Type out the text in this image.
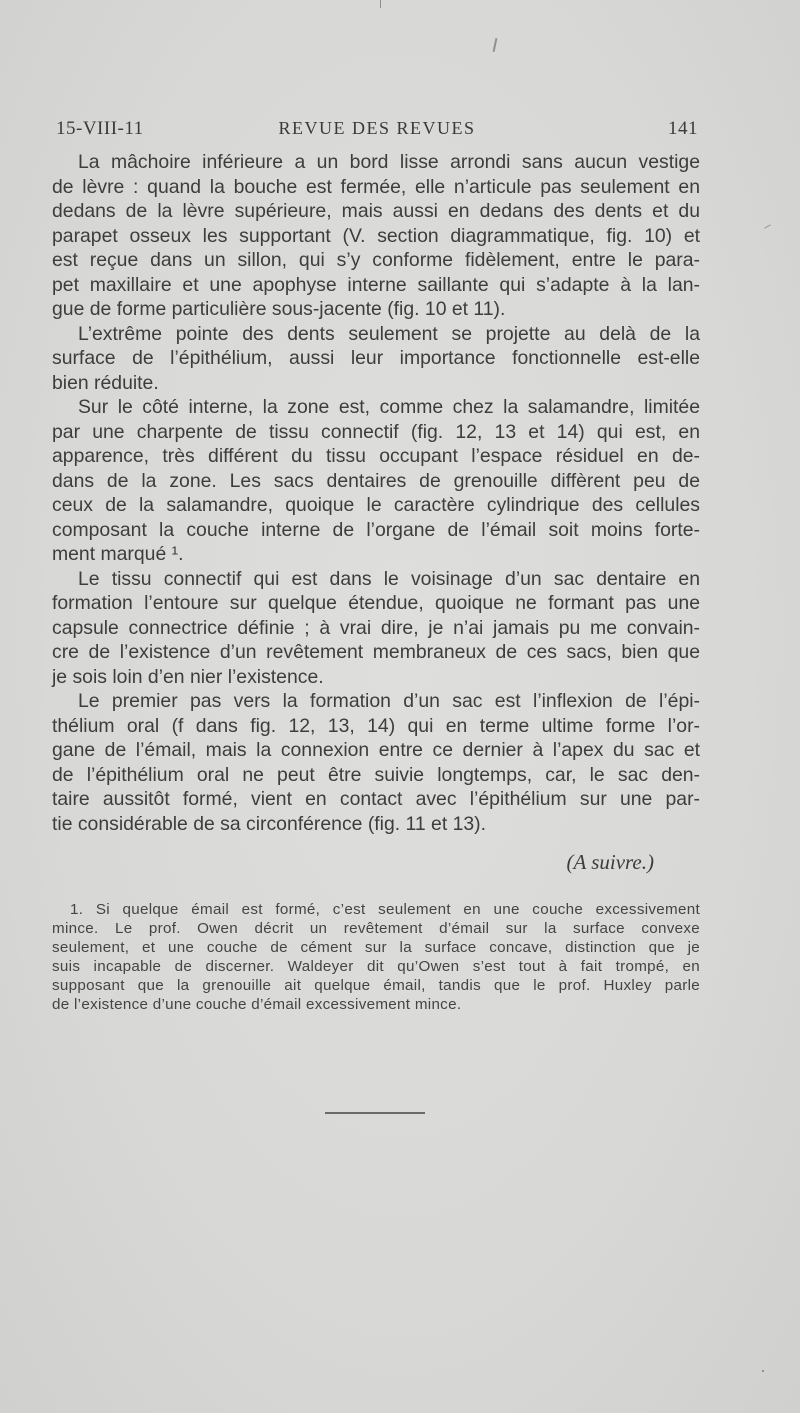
15-VIII-11	REVUE DES REVUES	141
La mâchoire inférieure a un bord lisse arrondi sans aucun vestige
de lèvre : quand la bouche est fermée, elle n’articule pas seulement en
dedans de la lèvre supérieure, mais aussi en dedans des dents et du
parapet osseux les supportant (V. section diagrammatique, fig. 10) et
est reçue dans un sillon, qui s’y conforme fidèlement, entre le para-
pet maxillaire et une apophyse interne saillante qui s’adapte à la lan-
gue de forme particulière sous-jacente (fig. 10 et 11).
L’extrême pointe des dents seulement se projette au delà de la
surface de l’épithélium, aussi leur importance fonctionnelle est-elle
bien réduite.
Sur le côté interne, la zone est, comme chez la salamandre, limitée
par une charpente de tissu connectif (fig. 12, 13 et 14) qui est, en
apparence, très différent du tissu occupant l’espace résiduel en de-
dans de la zone. Les sacs dentaires de grenouille diffèrent peu de
ceux de la salamandre, quoique le caractère cylindrique des cellules
composant la couche interne de l’organe de l’émail soit moins forte-
ment marqué ¹.
Le tissu connectif qui est dans le voisinage d’un sac dentaire en
formation l’entoure sur quelque étendue, quoique ne formant pas une
capsule connectrice définie ; à vrai dire, je n’ai jamais pu me convain-
cre de l’existence d’un revêtement membraneux de ces sacs, bien que
je sois loin d’en nier l’existence.
Le premier pas vers la formation d’un sac est l’inflexion de l’épi-
thélium oral (f dans fig. 12, 13, 14) qui en terme ultime forme l’or-
gane de l’émail, mais la connexion entre ce dernier à l’apex du sac et
de l’épithélium oral ne peut être suivie longtemps, car, le sac den-
taire aussitôt formé, vient en contact avec l’épithélium sur une par-
tie considérable de sa circonférence (fig. 11 et 13).
(A suivre.)
1. Si quelque émail est formé, c’est seulement en une couche excessivement
mince. Le prof. Owen décrit un revêtement d’émail sur la surface convexe
seulement, et une couche de cément sur la surface concave, distinction que je
suis incapable de discerner. Waldeyer dit qu’Owen s’est tout à fait trompé, en
supposant que la grenouille ait quelque émail, tandis que le prof. Huxley parle
de l’existence d’une couche d’émail excessivement mince.
